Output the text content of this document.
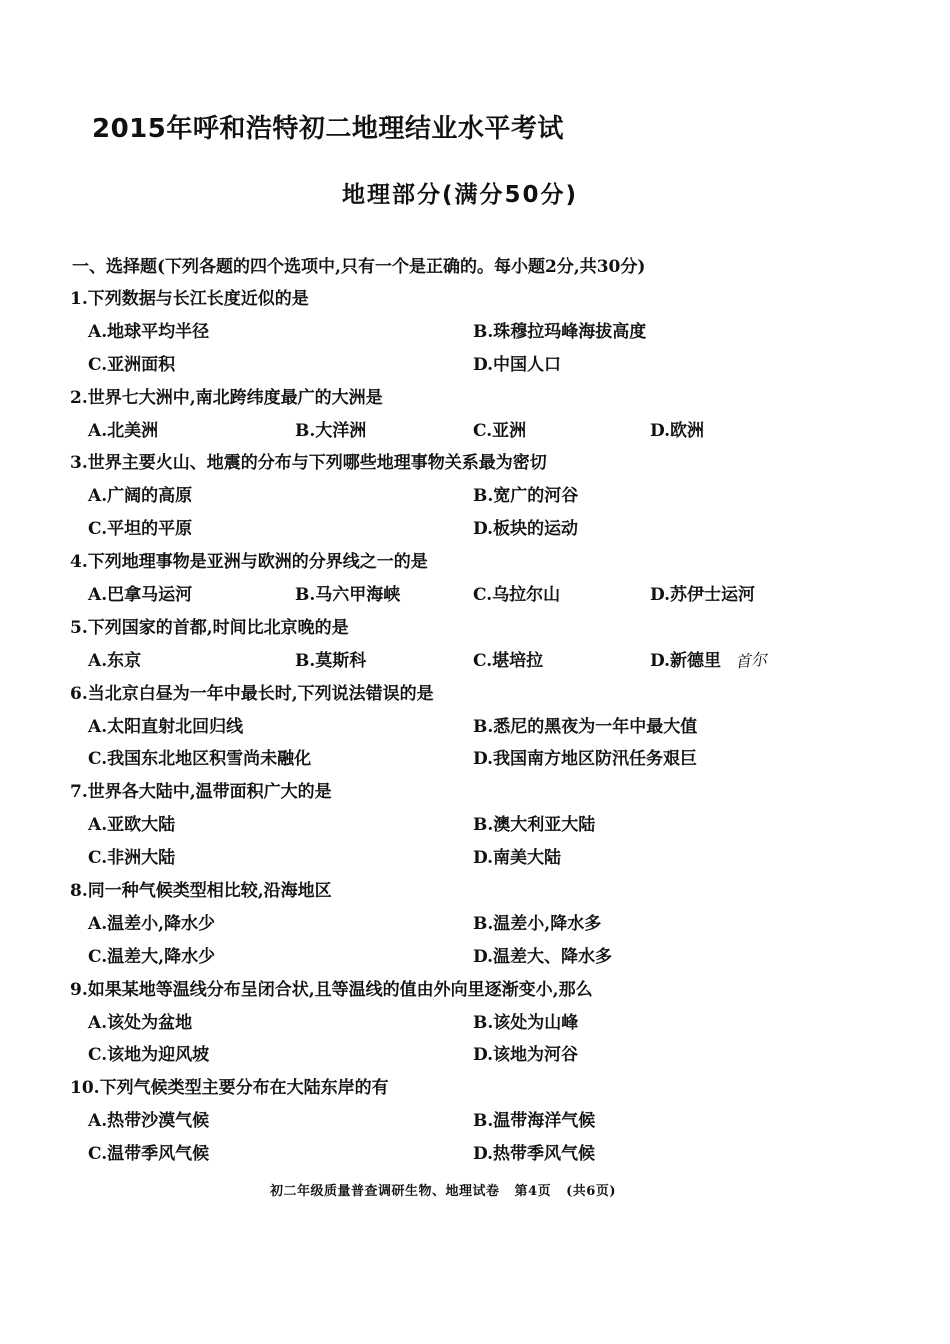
2015年呼和浩特初二地理结业水平考试
地理部分(满分50分)
一、选择题(下列各题的四个选项中,只有一个是正确的。每小题2分,共30分)
1.下列数据与长江长度近似的是
A.地球平均半径	B.珠穆拉玛峰海拔高度
C.亚洲面积	D.中国人口
2.世界七大洲中,南北跨纬度最广的大洲是
A.北美洲	B.大洋洲	C.亚洲	D.欧洲
3.世界主要火山、地震的分布与下列哪些地理事物关系最为密切
A.广阔的高原	B.宽广的河谷
C.平坦的平原	D.板块的运动
4.下列地理事物是亚洲与欧洲的分界线之一的是
A.巴拿马运河	B.马六甲海峡	C.乌拉尔山	D.苏伊士运河
5.下列国家的首都,时间比北京晚的是
A.东京	B.莫斯科	C.堪培拉	D.新德里 首尔
6.当北京白昼为一年中最长时,下列说法错误的是
A.太阳直射北回归线	B.悉尼的黑夜为一年中最大值
C.我国东北地区积雪尚未融化	D.我国南方地区防汛任务艰巨
7.世界各大陆中,温带面积广大的是
A.亚欧大陆	B.澳大利亚大陆
C.非洲大陆	D.南美大陆
8.同一种气候类型相比较,沿海地区
A.温差小,降水少	B.温差小,降水多
C.温差大,降水少	D.温差大、降水多
9.如果某地等温线分布呈闭合状,且等温线的值由外向里逐渐变小,那么
A.该处为盆地	B.该处为山峰
C.该地为迎风坡	D.该地为河谷
10.下列气候类型主要分布在大陆东岸的有
A.热带沙漠气候	B.温带海洋气候
C.温带季风气候	D.热带季风气候
初二年级质量普查调研生物、地理试卷 第4页 (共6页)
